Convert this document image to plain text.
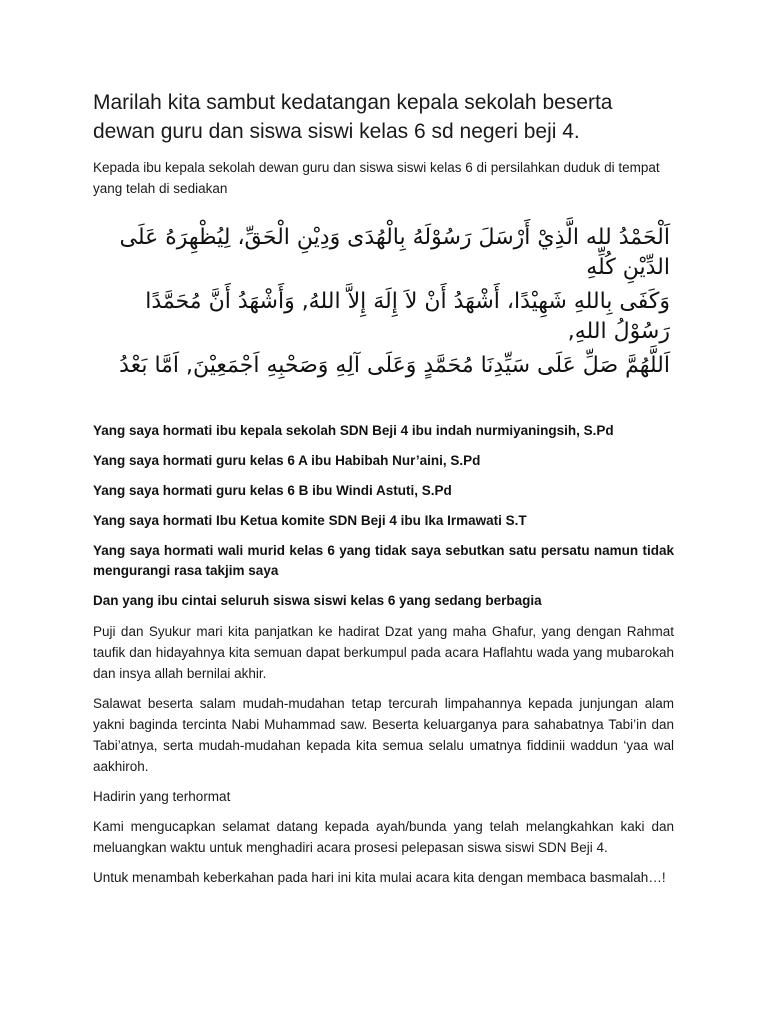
Marilah kita sambut kedatangan kepala sekolah beserta dewan guru dan siswa siswi kelas 6 sd negeri beji 4.

Kepada ibu kepala sekolah dewan guru dan siswa siswi kelas 6 di persilahkan duduk di tempat yang telah di sediakan

اَلْحَمْدُ لله الَّذِيْ أَرْسَلَ رَسُوْلَهُ بِالْهُدَى وَدِيْنِ الْحَقِّ، لِيُظْهِرَهُ عَلَى الدِّيْنِ كُلِّهِ

وَكَفَى بِاللهِ شَهِيْدًا، أَشْهَدُ أَنْ لاَ إِلَهَ إِلاَّ اللهُ, وَأَشْهَدُ أَنَّ مُحَمَّدًا رَسُوْلُ اللهِ,

اَللَّهُمَّ صَلِّ عَلَى سَيِّدِنَا مُحَمَّدٍ وَعَلَى آلِهِ وَصَحْبِهِ اَجْمَعِيْنَ, اَمَّا بَعْدُ

Yang saya hormati ibu kepala sekolah SDN Beji 4 ibu indah nurmiyaningsih, S.Pd

Yang saya hormati guru kelas 6 A ibu Habibah Nur’aini, S.Pd

Yang saya hormati guru kelas 6 B ibu Windi Astuti, S.Pd

Yang saya hormati Ibu Ketua komite SDN Beji 4 ibu Ika Irmawati S.T

Yang saya hormati wali murid kelas 6 yang tidak saya sebutkan satu persatu namun tidak mengurangi rasa takjim saya

Dan yang ibu cintai seluruh siswa siswi kelas 6 yang sedang berbagia

Puji dan Syukur mari kita panjatkan ke hadirat Dzat yang maha Ghafur, yang dengan Rahmat taufik dan hidayahnya kita semuan dapat berkumpul pada acara Haflahtu wada yang mubarokah dan insya allah bernilai akhir.

Salawat beserta salam mudah-mudahan tetap tercurah limpahannya kepada junjungan alam yakni baginda tercinta Nabi Muhammad saw. Beserta keluarganya para sahabatnya Tabi’in dan Tabi’atnya, serta mudah-mudahan kepada kita semua selalu umatnya fiddinii waddun ‘yaa wal aakhiroh.

Hadirin yang terhormat

Kami mengucapkan selamat datang kepada ayah/bunda yang telah melangkahkan kaki dan meluangkan waktu untuk menghadiri acara prosesi pelepasan siswa siswi SDN Beji 4.

Untuk menambah keberkahan pada hari ini kita mulai acara kita dengan membaca basmalah…!
